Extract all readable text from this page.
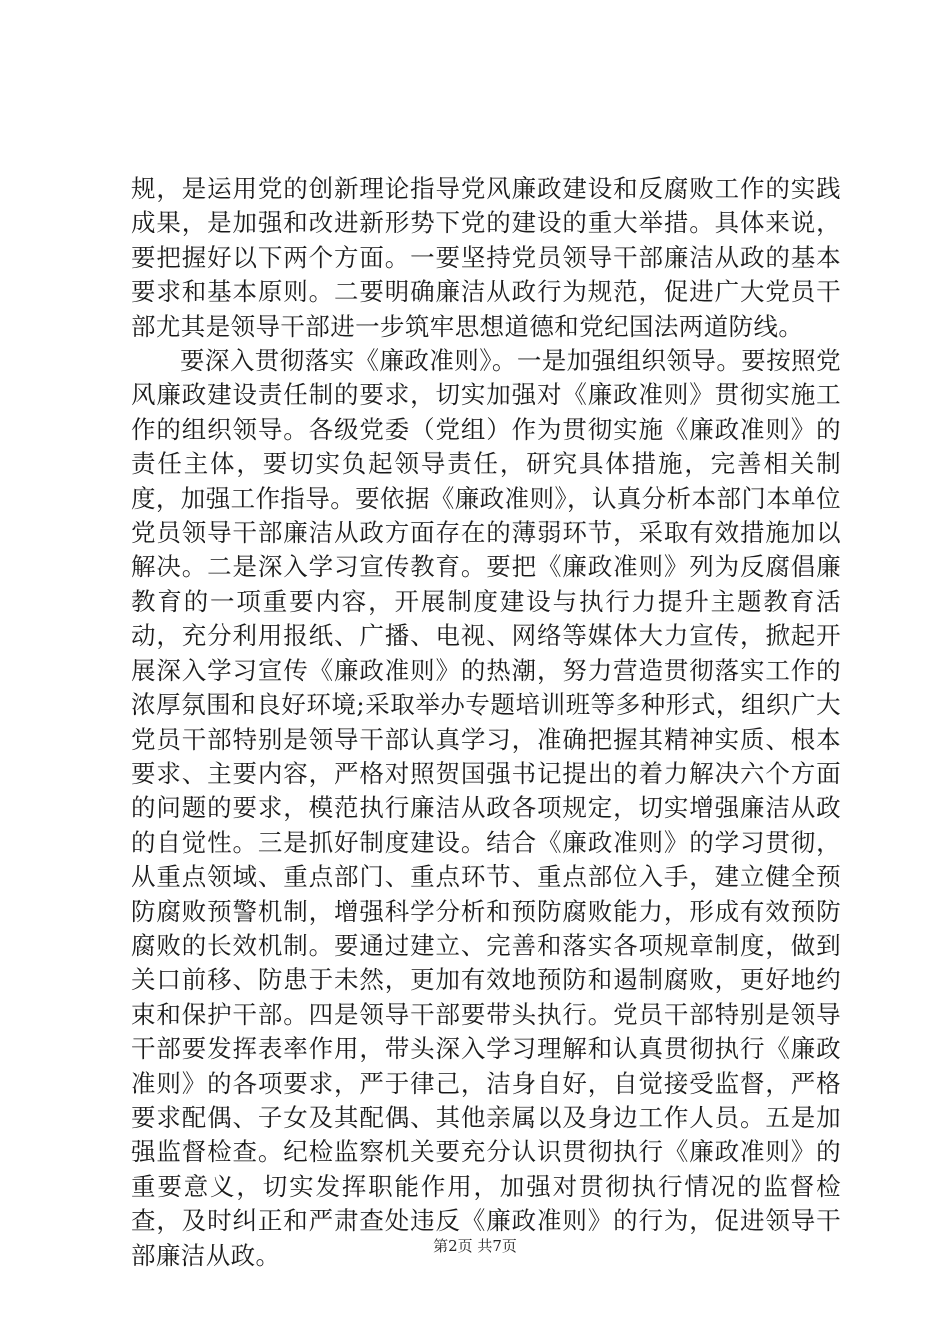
规，是运用党的创新理论指导党风廉政建设和反腐败工作的实践成果，是加强和改进新形势下党的建设的重大举措。具体来说，要把握好以下两个方面。一要坚持党员领导干部廉洁从政的基本要求和基本原则。二要明确廉洁从政行为规范，促进广大党员干部尤其是领导干部进一步筑牢思想道德和党纪国法两道防线。

要深入贯彻落实《廉政准则》。一是加强组织领导。要按照党风廉政建设责任制的要求，切实加强对《廉政准则》贯彻实施工作的组织领导。各级党委（党组）作为贯彻实施《廉政准则》的责任主体，要切实负起领导责任，研究具体措施，完善相关制度，加强工作指导。要依据《廉政准则》，认真分析本部门本单位党员领导干部廉洁从政方面存在的薄弱环节，采取有效措施加以解决。二是深入学习宣传教育。要把《廉政准则》列为反腐倡廉教育的一项重要内容，开展制度建设与执行力提升主题教育活动，充分利用报纸、广播、电视、网络等媒体大力宣传，掀起开展深入学习宣传《廉政准则》的热潮，努力营造贯彻落实工作的浓厚氛围和良好环境;采取举办专题培训班等多种形式，组织广大党员干部特别是领导干部认真学习，准确把握其精神实质、根本要求、主要内容，严格对照贺国强书记提出的着力解决六个方面的问题的要求，模范执行廉洁从政各项规定，切实增强廉洁从政的自觉性。三是抓好制度建设。结合《廉政准则》的学习贯彻，从重点领域、重点部门、重点环节、重点部位入手，建立健全预防腐败预警机制，增强科学分析和预防腐败能力，形成有效预防腐败的长效机制。要通过建立、完善和落实各项规章制度，做到关口前移、防患于未然，更加有效地预防和遏制腐败，更好地约束和保护干部。四是领导干部要带头执行。党员干部特别是领导干部要发挥表率作用，带头深入学习理解和认真贯彻执行《廉政准则》的各项要求，严于律己，洁身自好，自觉接受监督，严格要求配偶、子女及其配偶、其他亲属以及身边工作人员。五是加强监督检查。纪检监察机关要充分认识贯彻执行《廉政准则》的重要意义，切实发挥职能作用，加强对贯彻执行情况的监督检查，及时纠正和严肃查处违反《廉政准则》的行为，促进领导干部廉洁从政。	第2页 共7页
